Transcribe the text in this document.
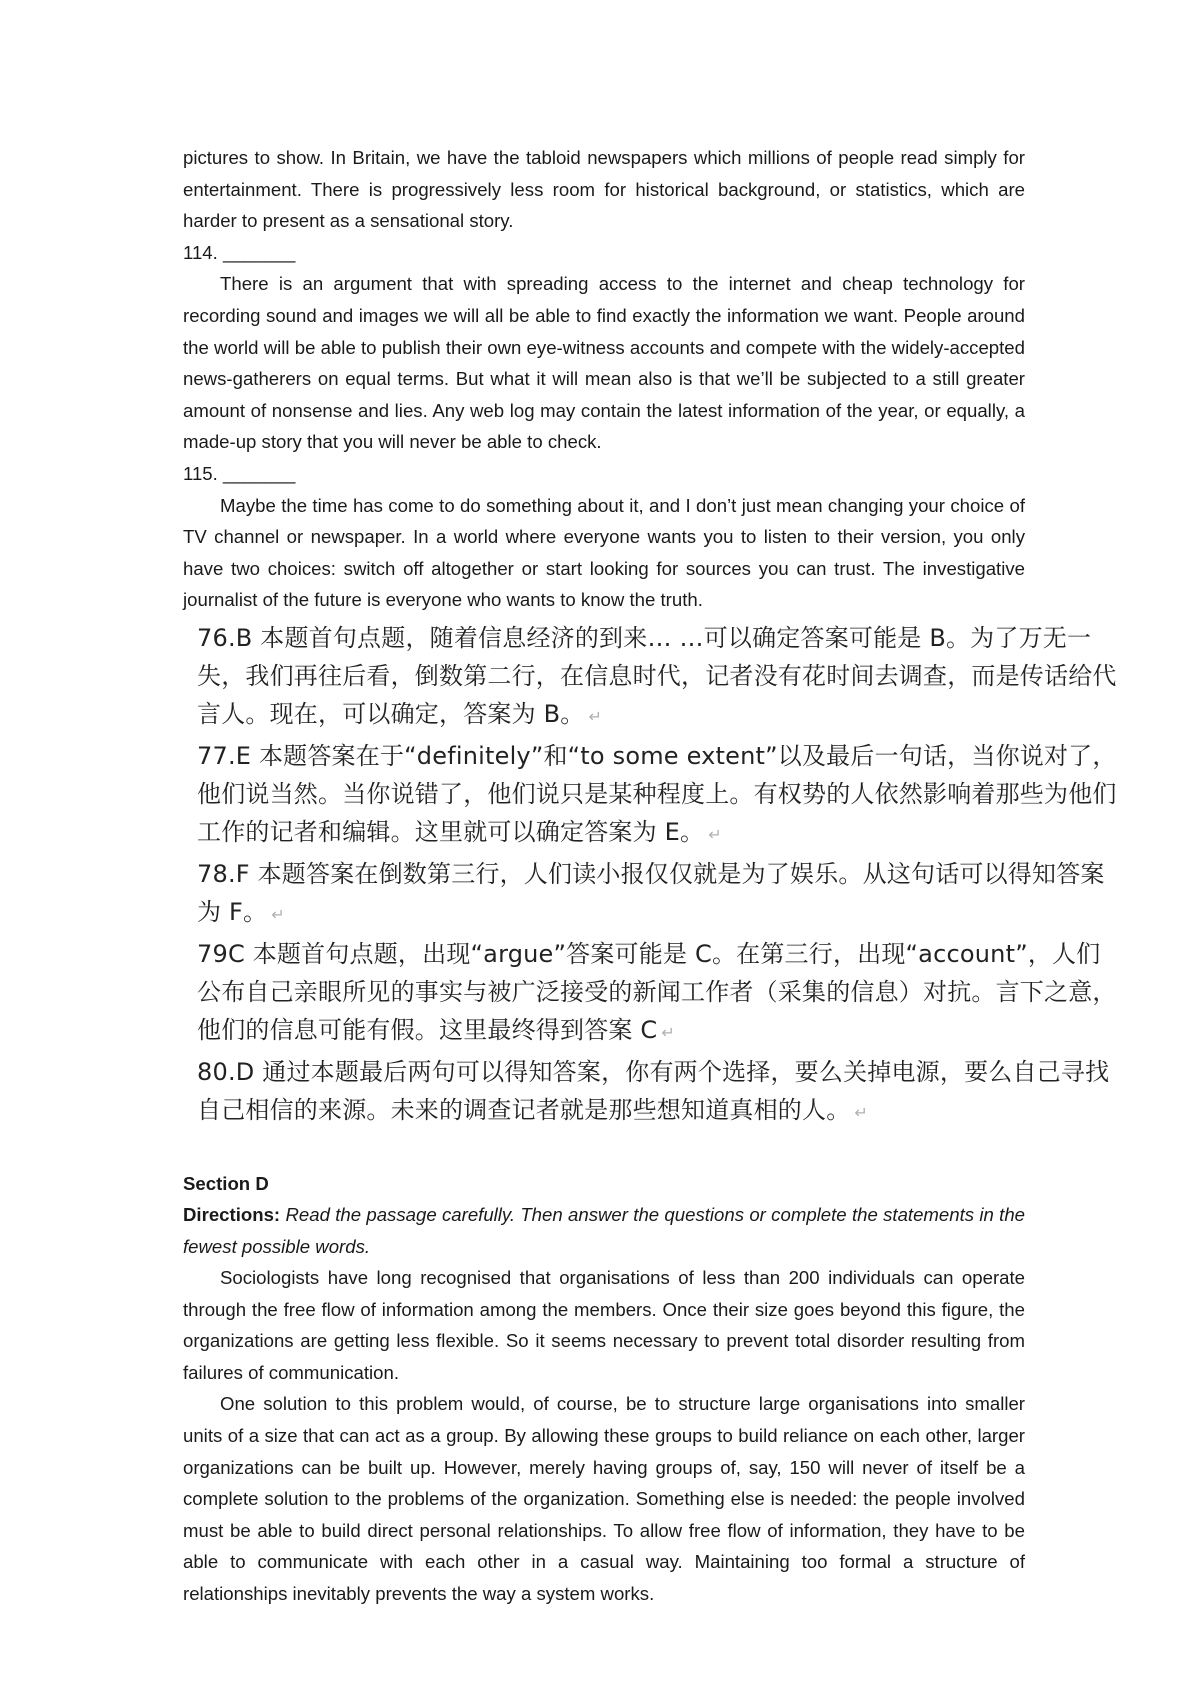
pictures to show. In Britain, we have the tabloid newspapers which millions of people read simply for entertainment. There is progressively less room for historical background, or statistics, which are harder to present as a sensational story.

114. _______

There is an argument that with spreading access to the internet and cheap technology for recording sound and images we will all be able to find exactly the information we want. People around the world will be able to publish their own eye-witness accounts and compete with the widely-accepted news-gatherers on equal terms. But what it will mean also is that we’ll be subjected to a still greater amount of nonsense and lies. Any web log may contain the latest information of the year, or equally, a made-up story that you will never be able to check.

115. _______

Maybe the time has come to do something about it, and I don’t just mean changing your choice of TV channel or newspaper. In a world where everyone wants you to listen to their version, you only have two choices: switch off altogether or start looking for sources you can trust. The investigative journalist of the future is everyone who wants to know the truth.

76.B 本题首句点题，随着信息经济的到来… …可以确定答案可能是 B。为了万无一失，我们再往后看，倒数第二行，在信息时代，记者没有花时间去调查，而是传话给代言人。现在，可以确定，答案为 B。 ↵

77.E 本题答案在于“definitely”和“to some extent”以及最后一句话，当你说对了，他们说当然。当你说错了，他们说只是某种程度上。有权势的人依然影响着那些为他们工作的记者和编辑。这里就可以确定答案为 E。 ↵

78.F 本题答案在倒数第三行，人们读小报仅仅就是为了娱乐。从这句话可以得知答案为 F。 ↵

79C 本题首句点题，出现“argue”答案可能是 C。在第三行，出现“account”，人们公布自己亲眼所见的事实与被广泛接受的新闻工作者（采集的信息）对抗。言下之意，他们的信息可能有假。这里最终得到答案 C ↵

80.D 通过本题最后两句可以得知答案，你有两个选择，要么关掉电源，要么自己寻找自己相信的来源。未来的调查记者就是那些想知道真相的人。 ↵

Section D

Directions: Read the passage carefully. Then answer the questions or complete the statements in the fewest possible words.

Sociologists have long recognised that organisations of less than 200 individuals can operate through the free flow of information among the members. Once their size goes beyond this figure, the organizations are getting less flexible. So it seems necessary to prevent total disorder resulting from failures of communication.

One solution to this problem would, of course, be to structure large organisations into smaller units of a size that can act as a group. By allowing these groups to build reliance on each other, larger organizations can be built up. However, merely having groups of, say, 150 will never of itself be a complete solution to the problems of the organization. Something else is needed: the people involved must be able to build direct personal relationships. To allow free flow of information, they have to be able to communicate with each other in a casual way. Maintaining too formal a structure of relationships inevitably prevents the way a system works.
